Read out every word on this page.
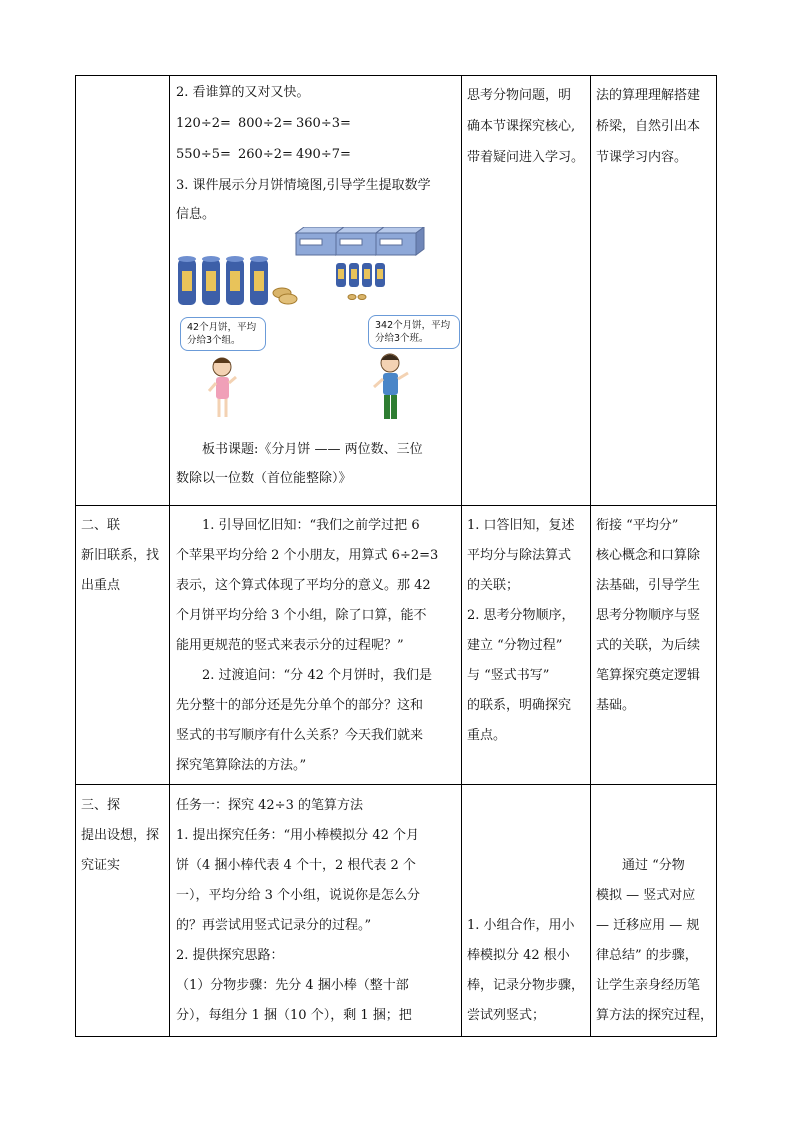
2. 看谁算的又对又快。

120÷2= 800÷2= 360÷3=
550÷5= 260÷2= 490÷7=

3. 课件展示分月饼情境图,引导学生提取数学

信息。

42个月饼，平均
分给3个组。
342个月饼，平均
分给3个班。

板书课题:《分月饼 —— 两位数、三位

数除以一位数（首位能整除）》

思考分物问题，明

确本节课探究核心,

带着疑问进入学习。

法的算理理解搭建

桥梁，自然引出本

节课学习内容。

二、联

新旧联系，找

出重点

1. 引导回忆旧知：“我们之前学过把 6

个苹果平均分给 2 个小朋友，用算式 6÷2=3

表示，这个算式体现了平均分的意义。那 42

个月饼平均分给 3 个小组，除了口算，能不

能用更规范的竖式来表示分的过程呢？”

2. 过渡追问：“分 42 个月饼时，我们是

先分整十的部分还是先分单个的部分？这和

竖式的书写顺序有什么关系？今天我们就来

探究笔算除法的方法。”

1. 口答旧知，复述

平均分与除法算式

的关联；

2. 思考分物顺序，

建立 “分物过程”

与 “竖式书写”

的联系，明确探究

重点。

衔接 “平均分”

核心概念和口算除

法基础，引导学生

思考分物顺序与竖

式的关联，为后续

笔算探究奠定逻辑

基础。

三、探

提出设想，探

究证实

任务一：探究 42÷3 的笔算方法

1. 提出探究任务：“用小棒模拟分 42 个月

饼（4 捆小棒代表 4 个十，2 根代表 2 个

一），平均分给 3 个小组，说说你是怎么分

的？再尝试用竖式记录分的过程。”

2. 提供探究思路：

（1）分物步骤：先分 4 捆小棒（整十部

分），每组分 1 捆（10 个），剩 1 捆；把

1. 小组合作，用小

棒模拟分 42 根小

棒，记录分物步骤，

尝试列竖式；

通过 “分物

模拟 — 竖式对应

— 迁移应用 — 规

律总结” 的步骤，

让学生亲身经历笔

算方法的探究过程，
